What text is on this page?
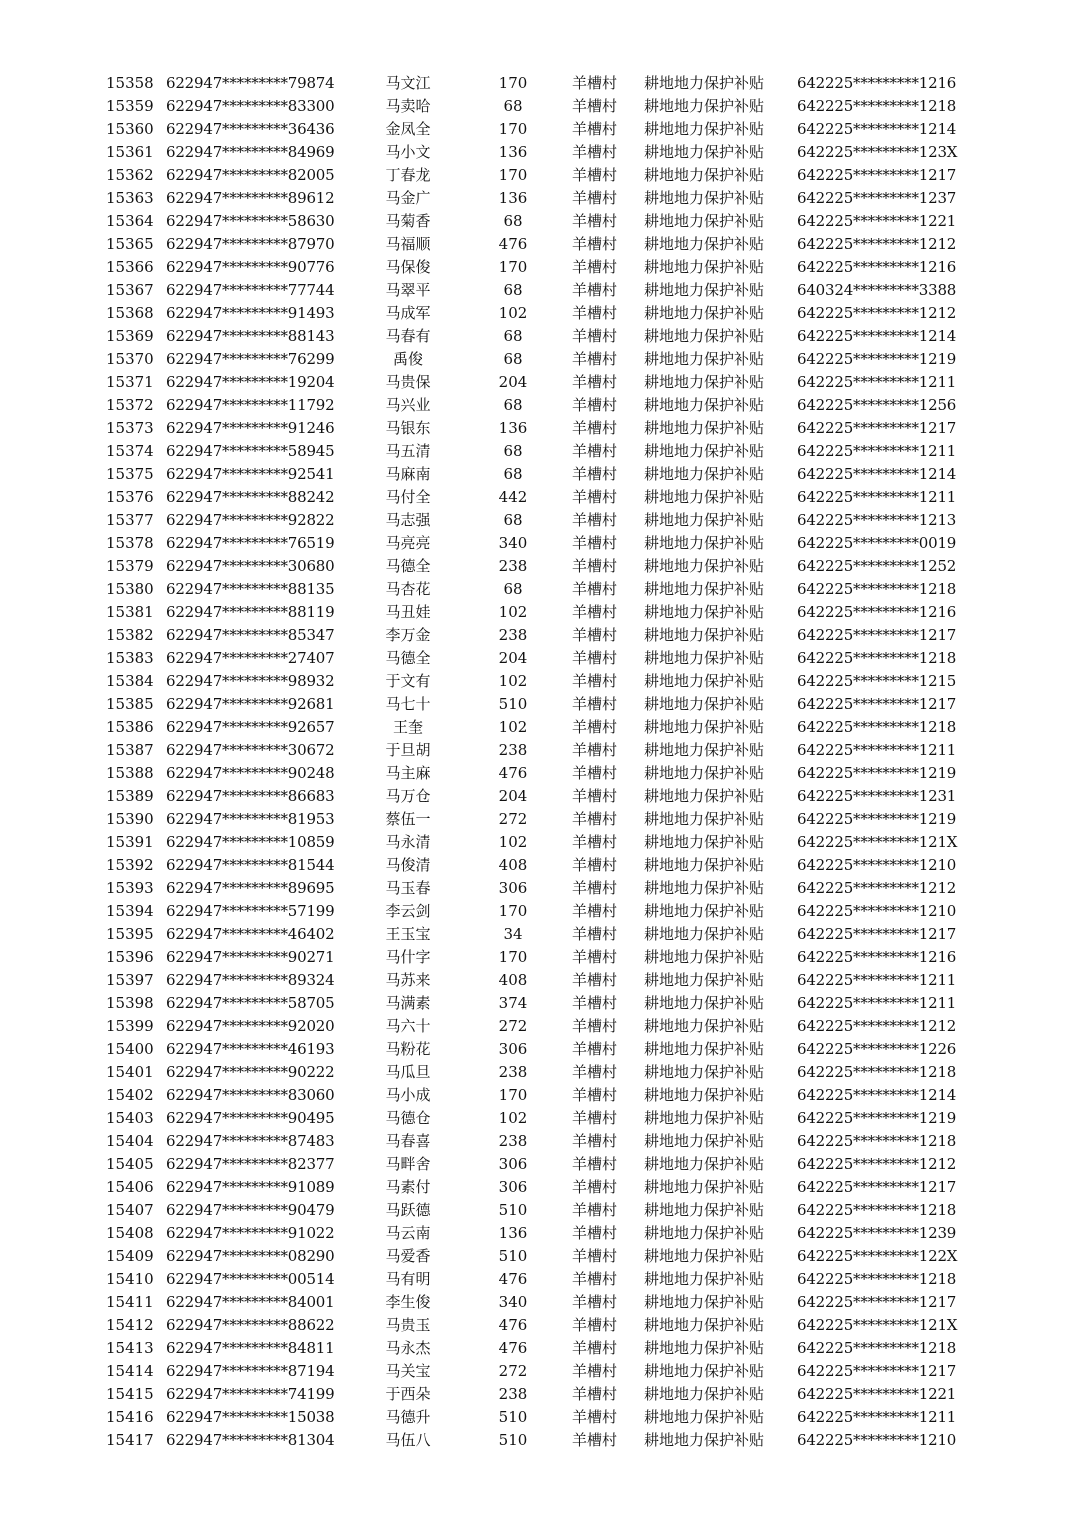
15358 622947*********79874	马文江	170	羊槽村 耕地地力保护补贴 642225*********1216
15359 622947*********83300	马卖哈	68	羊槽村 耕地地力保护补贴 642225*********1218
15360 622947*********36436	金凤全	170	羊槽村 耕地地力保护补贴 642225*********1214
15361 622947*********84969	马小文	136	羊槽村 耕地地力保护补贴 642225*********123X
15362 622947*********82005	丁春龙	170	羊槽村 耕地地力保护补贴 642225*********1217
15363 622947*********89612	马金广	136	羊槽村 耕地地力保护补贴 642225*********1237
15364 622947*********58630	马菊香	68	羊槽村 耕地地力保护补贴 642225*********1221
15365 622947*********87970	马福顺	476	羊槽村 耕地地力保护补贴 642225*********1212
15366 622947*********90776	马保俊	170	羊槽村 耕地地力保护补贴 642225*********1216
15367 622947*********77744	马翠平	68	羊槽村 耕地地力保护补贴 640324*********3388
15368 622947*********91493	马成军	102	羊槽村 耕地地力保护补贴 642225*********1212
15369 622947*********88143	马春有	68	羊槽村 耕地地力保护补贴 642225*********1214
15370 622947*********76299	禹俊	68	羊槽村 耕地地力保护补贴 642225*********1219
15371 622947*********19204	马贵保	204	羊槽村 耕地地力保护补贴 642225*********1211
15372 622947*********11792	马兴业	68	羊槽村 耕地地力保护补贴 642225*********1256
15373 622947*********91246	马银东	136	羊槽村 耕地地力保护补贴 642225*********1217
15374 622947*********58945	马五清	68	羊槽村 耕地地力保护补贴 642225*********1211
15375 622947*********92541	马麻南	68	羊槽村 耕地地力保护补贴 642225*********1214
15376 622947*********88242	马付全	442	羊槽村 耕地地力保护补贴 642225*********1211
15377 622947*********92822	马志强	68	羊槽村 耕地地力保护补贴 642225*********1213
15378 622947*********76519	马亮亮	340	羊槽村 耕地地力保护补贴 642225*********0019
15379 622947*********30680	马德全	238	羊槽村 耕地地力保护补贴 642225*********1252
15380 622947*********88135	马杏花	68	羊槽村 耕地地力保护补贴 642225*********1218
15381 622947*********88119	马丑娃	102	羊槽村 耕地地力保护补贴 642225*********1216
15382 622947*********85347	李万金	238	羊槽村 耕地地力保护补贴 642225*********1217
15383 622947*********27407	马德全	204	羊槽村 耕地地力保护补贴 642225*********1218
15384 622947*********98932	于文有	102	羊槽村 耕地地力保护补贴 642225*********1215
15385 622947*********92681	马七十	510	羊槽村 耕地地力保护补贴 642225*********1217
15386 622947*********92657	王奎	102	羊槽村 耕地地力保护补贴 642225*********1218
15387 622947*********30672	于旦胡	238	羊槽村 耕地地力保护补贴 642225*********1211
15388 622947*********90248	马主麻	476	羊槽村 耕地地力保护补贴 642225*********1219
15389 622947*********86683	马万仓	204	羊槽村 耕地地力保护补贴 642225*********1231
15390 622947*********81953	蔡伍一	272	羊槽村 耕地地力保护补贴 642225*********1219
15391 622947*********10859	马永清	102	羊槽村 耕地地力保护补贴 642225*********121X
15392 622947*********81544	马俊清	408	羊槽村 耕地地力保护补贴 642225*********1210
15393 622947*********89695	马玉春	306	羊槽村 耕地地力保护补贴 642225*********1212
15394 622947*********57199	李云剑	170	羊槽村 耕地地力保护补贴 642225*********1210
15395 622947*********46402	王玉宝	34	羊槽村 耕地地力保护补贴 642225*********1217
15396 622947*********90271	马什字	170	羊槽村 耕地地力保护补贴 642225*********1216
15397 622947*********89324	马苏来	408	羊槽村 耕地地力保护补贴 642225*********1211
15398 622947*********58705	马满素	374	羊槽村 耕地地力保护补贴 642225*********1211
15399 622947*********92020	马六十	272	羊槽村 耕地地力保护补贴 642225*********1212
15400 622947*********46193	马粉花	306	羊槽村 耕地地力保护补贴 642225*********1226
15401 622947*********90222	马瓜旦	238	羊槽村 耕地地力保护补贴 642225*********1218
15402 622947*********83060	马小成	170	羊槽村 耕地地力保护补贴 642225*********1214
15403 622947*********90495	马德仓	102	羊槽村 耕地地力保护补贴 642225*********1219
15404 622947*********87483	马春喜	238	羊槽村 耕地地力保护补贴 642225*********1218
15405 622947*********82377	马畔舍	306	羊槽村 耕地地力保护补贴 642225*********1212
15406 622947*********91089	马素付	306	羊槽村 耕地地力保护补贴 642225*********1217
15407 622947*********90479	马跃德	510	羊槽村 耕地地力保护补贴 642225*********1218
15408 622947*********91022	马云南	136	羊槽村 耕地地力保护补贴 642225*********1239
15409 622947*********08290	马爱香	510	羊槽村 耕地地力保护补贴 642225*********122X
15410 622947*********00514	马有明	476	羊槽村 耕地地力保护补贴 642225*********1218
15411 622947*********84001	李生俊	340	羊槽村 耕地地力保护补贴 642225*********1217
15412 622947*********88622	马贵玉	476	羊槽村 耕地地力保护补贴 642225*********121X
15413 622947*********84811	马永杰	476	羊槽村 耕地地力保护补贴 642225*********1218
15414 622947*********87194	马关宝	272	羊槽村 耕地地力保护补贴 642225*********1217
15415 622947*********74199	于西朵	238	羊槽村 耕地地力保护补贴 642225*********1221
15416 622947*********15038	马德升	510	羊槽村 耕地地力保护补贴 642225*********1211
15417 622947*********81304	马伍八	510	羊槽村 耕地地力保护补贴 642225*********1210
